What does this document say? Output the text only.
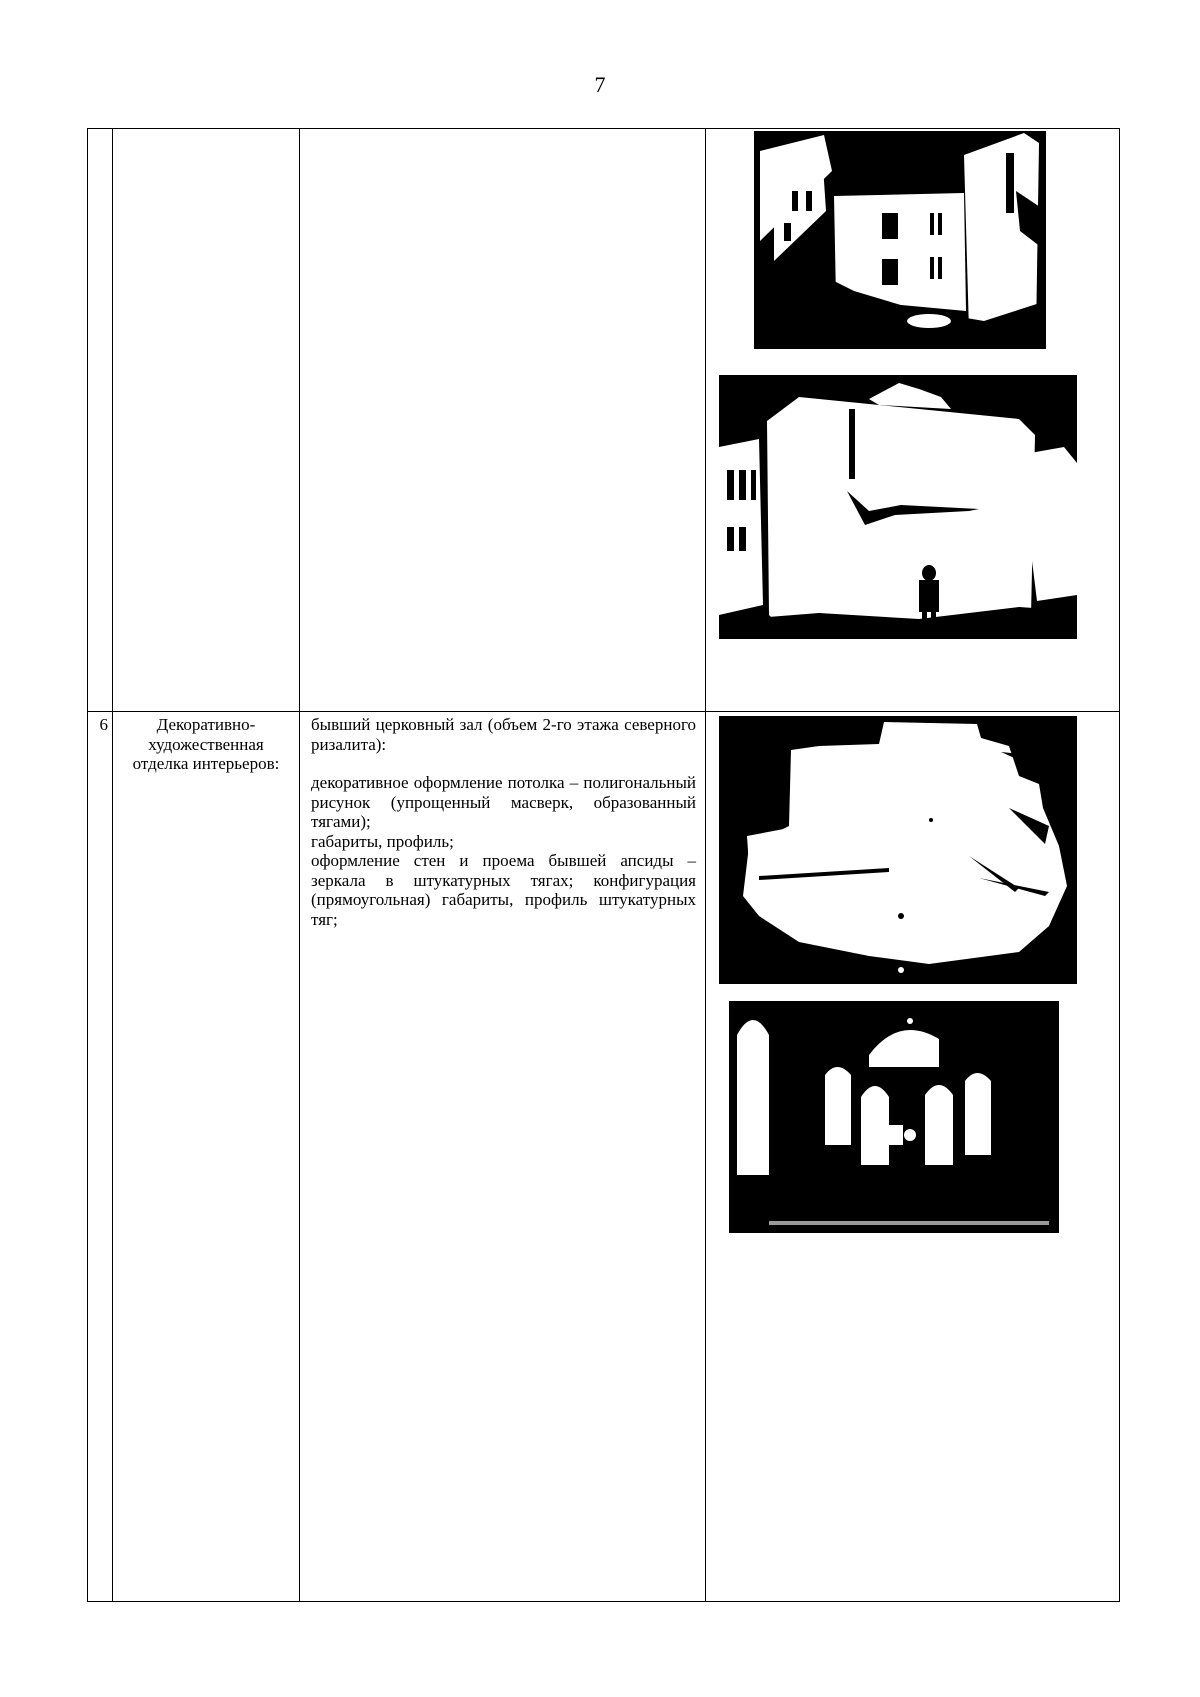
7
6	Декоративно-художественная отделка интерьеров:

бывший церковный зал (объем 2-го этажа северного ризалита):

декоративное оформление потолка – полигональный рисунок (упрощенный масверк, образованный тягами);

габариты, профиль;

оформление стен и проема бывшей апсиды – зеркала в штукатурных тягах; конфигурация (прямоугольная) габариты, профиль штукатурных тяг;
